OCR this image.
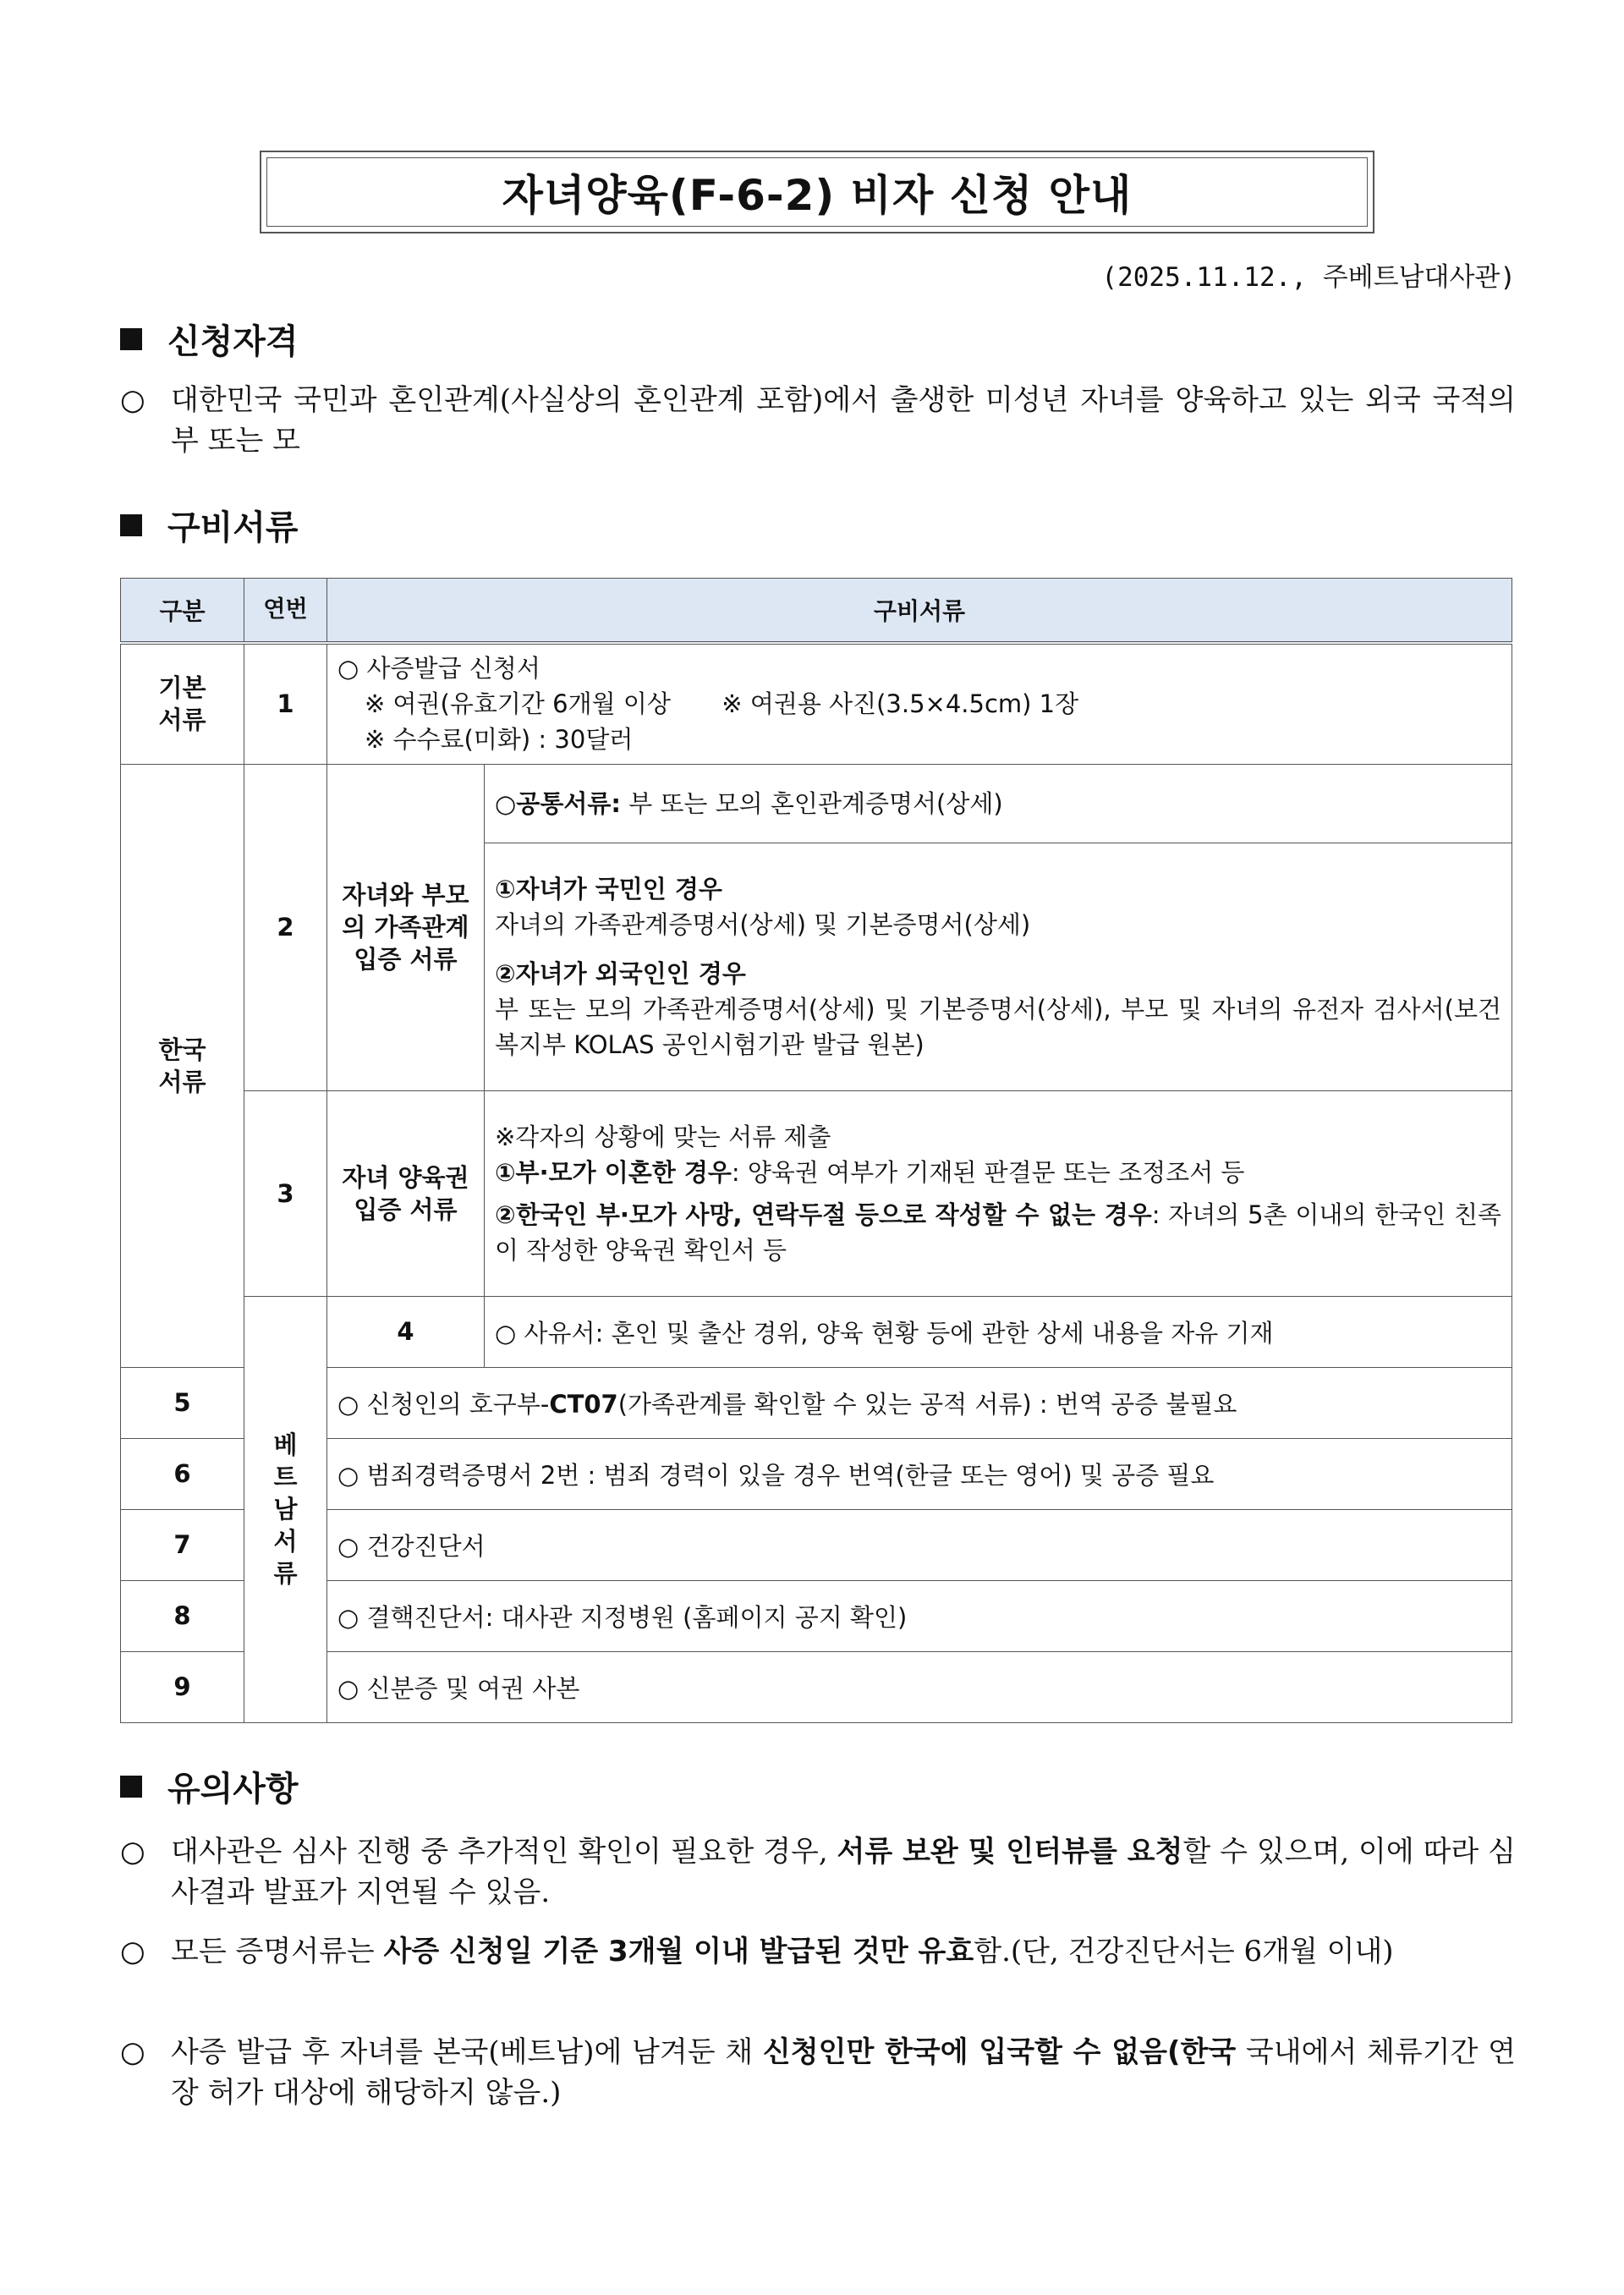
자녀양육(F-6-2) 비자 신청 안내
(2025.11.12., 주베트남대사관)
신청자격
○ 대한민국 국민과 혼인관계(사실상의 혼인관계 포함)에서 출생한 미성년 자녀를 양육하고 있는 외국 국적의 부 또는 모
구비서류
구분	연번	구비서류	
기본 서류	1	○ 사증발급 신청서
※ 여권(유효기간 6개월 이상 ※ 여권용 사진(3.5×4.5cm) 1장
※ 수수료(미화) : 30달러	

한국 서류	2	자녀와 부모의 가족관계 입증 서류	○공통서류: 부 또는 모의 혼인관계증명서(상세)

			①자녀가 국민인 경우
자녀의 가족관계증명서(상세) 및 기본증명서(상세)
②자녀가 외국인인 경우
부 또는 모의 가족관계증명서(상세) 및 기본증명서(상세), 부모 및 자녀의 유전자 검사서(보건복지부 KOLAS 공인시험기관 발급 원본)

	3	자녀 양육권 입증 서류	※각자의 상황에 맞는 서류 제출
①부·모가 이혼한 경우: 양육권 여부가 기재된 판결문 또는 조정조서 등
②한국인 부·모가 사망, 연락두절 등으로 작성할 수 없는 경우: 자녀의 5촌 이내의 한국인 친족이 작성한 양육권 확인서 등

	베트남 서류	4	○ 사유서: 혼인 및 출산 경위, 양육 현황 등에 관한 상세 내용을 자유 기재
5		○ 신청인의 호구부-CT07(가족관계를 확인할 수 있는 공적 서류) : 번역 공증 불필요	
6		○ 범죄경력증명서 2번 : 범죄 경력이 있을 경우 번역(한글 또는 영어) 및 공증 필요	
7		○ 건강진단서	
8		○ 결핵진단서: 대사관 지정병원 (홈페이지 공지 확인)	
9		○ 신분증 및 여권 사본	
유의사항
○ 대사관은 심사 진행 중 추가적인 확인이 필요한 경우, 서류 보완 및 인터뷰를 요청할 수 있으며, 이에 따라 심사결과 발표가 지연될 수 있음.
○ 모든 증명서류는 사증 신청일 기준 3개월 이내 발급된 것만 유효함.(단, 건강진단서는 6개월 이내)
○ 사증 발급 후 자녀를 본국(베트남)에 남겨둔 채 신청인만 한국에 입국할 수 없음(한국 국내에서 체류기간 연장 허가 대상에 해당하지 않음.)
